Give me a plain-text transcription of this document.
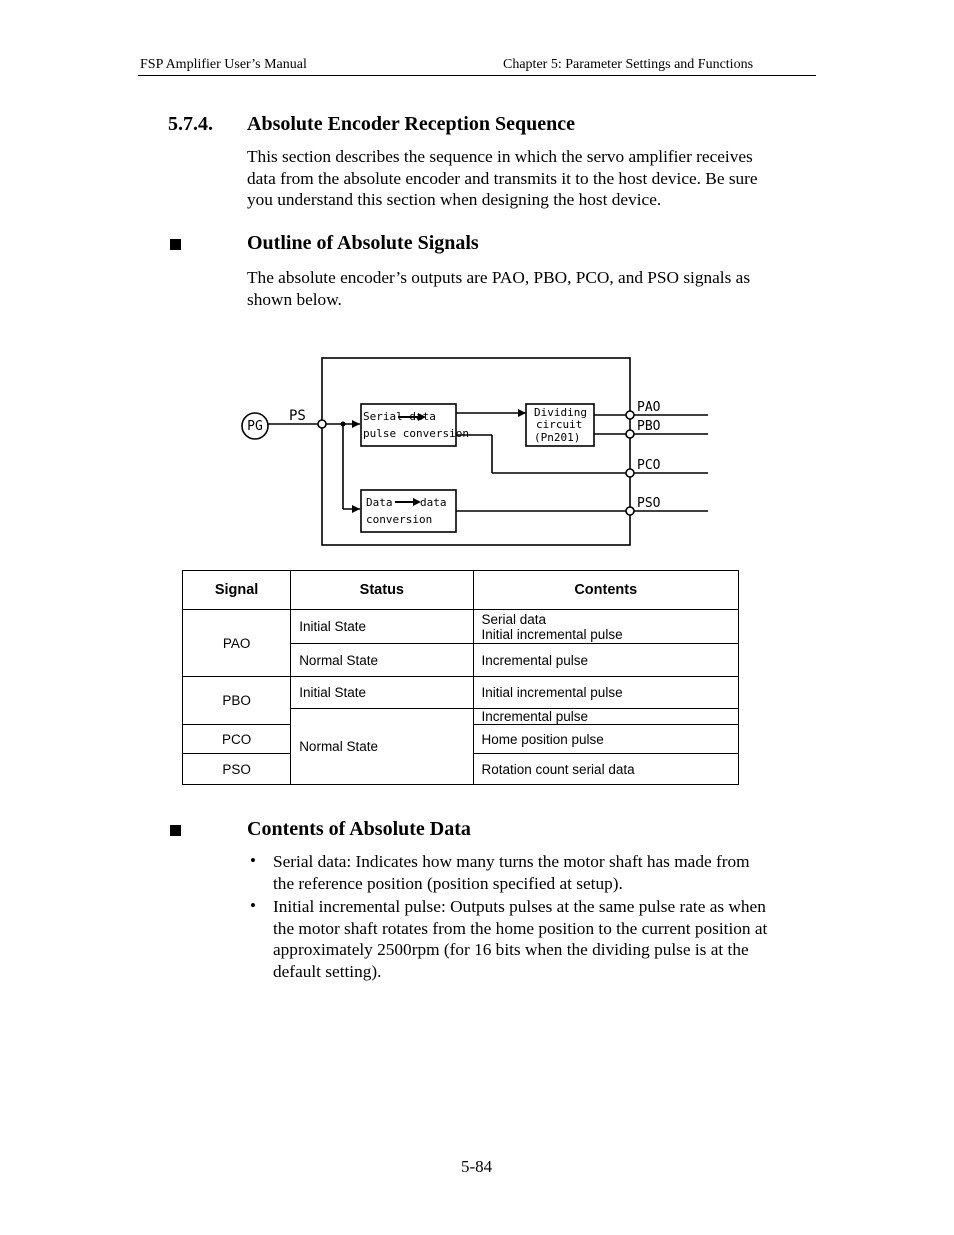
FSP Amplifier User’s Manual	Chapter 5: Parameter Settings and Functions
5.7.4. Absolute Encoder Reception Sequence
This section describes the sequence in which the servo amplifier receives
data from the absolute encoder and transmits it to the host device. Be sure
you understand this section when designing the host device.
Outline of Absolute Signals
The absolute encoder’s outputs are PAO, PBO, PCO, and PSO signals as
shown below.
PG
PS	Serial data
pulse conversion
Dividing
circuit
(Pn201)
Data	data
conversion
PAO
PBO
PCO
PSO
Signal	Status	Contents
PAO	Initial State	Serial data
Initial incremental pulse

	Normal State	Incremental pulse
PBO	Initial State	Initial incremental pulse
	Normal State	Incremental pulse
PCO		Home position pulse
PSO		Rotation count serial data
Contents of Absolute Data
• Serial data: Indicates how many turns the motor shaft has made from
the reference position (position specified at setup).
• Initial incremental pulse: Outputs pulses at the same pulse rate as when
the motor shaft rotates from the home position to the current position at
approximately 2500rpm (for 16 bits when the dividing pulse is at the
default setting).
5-84
